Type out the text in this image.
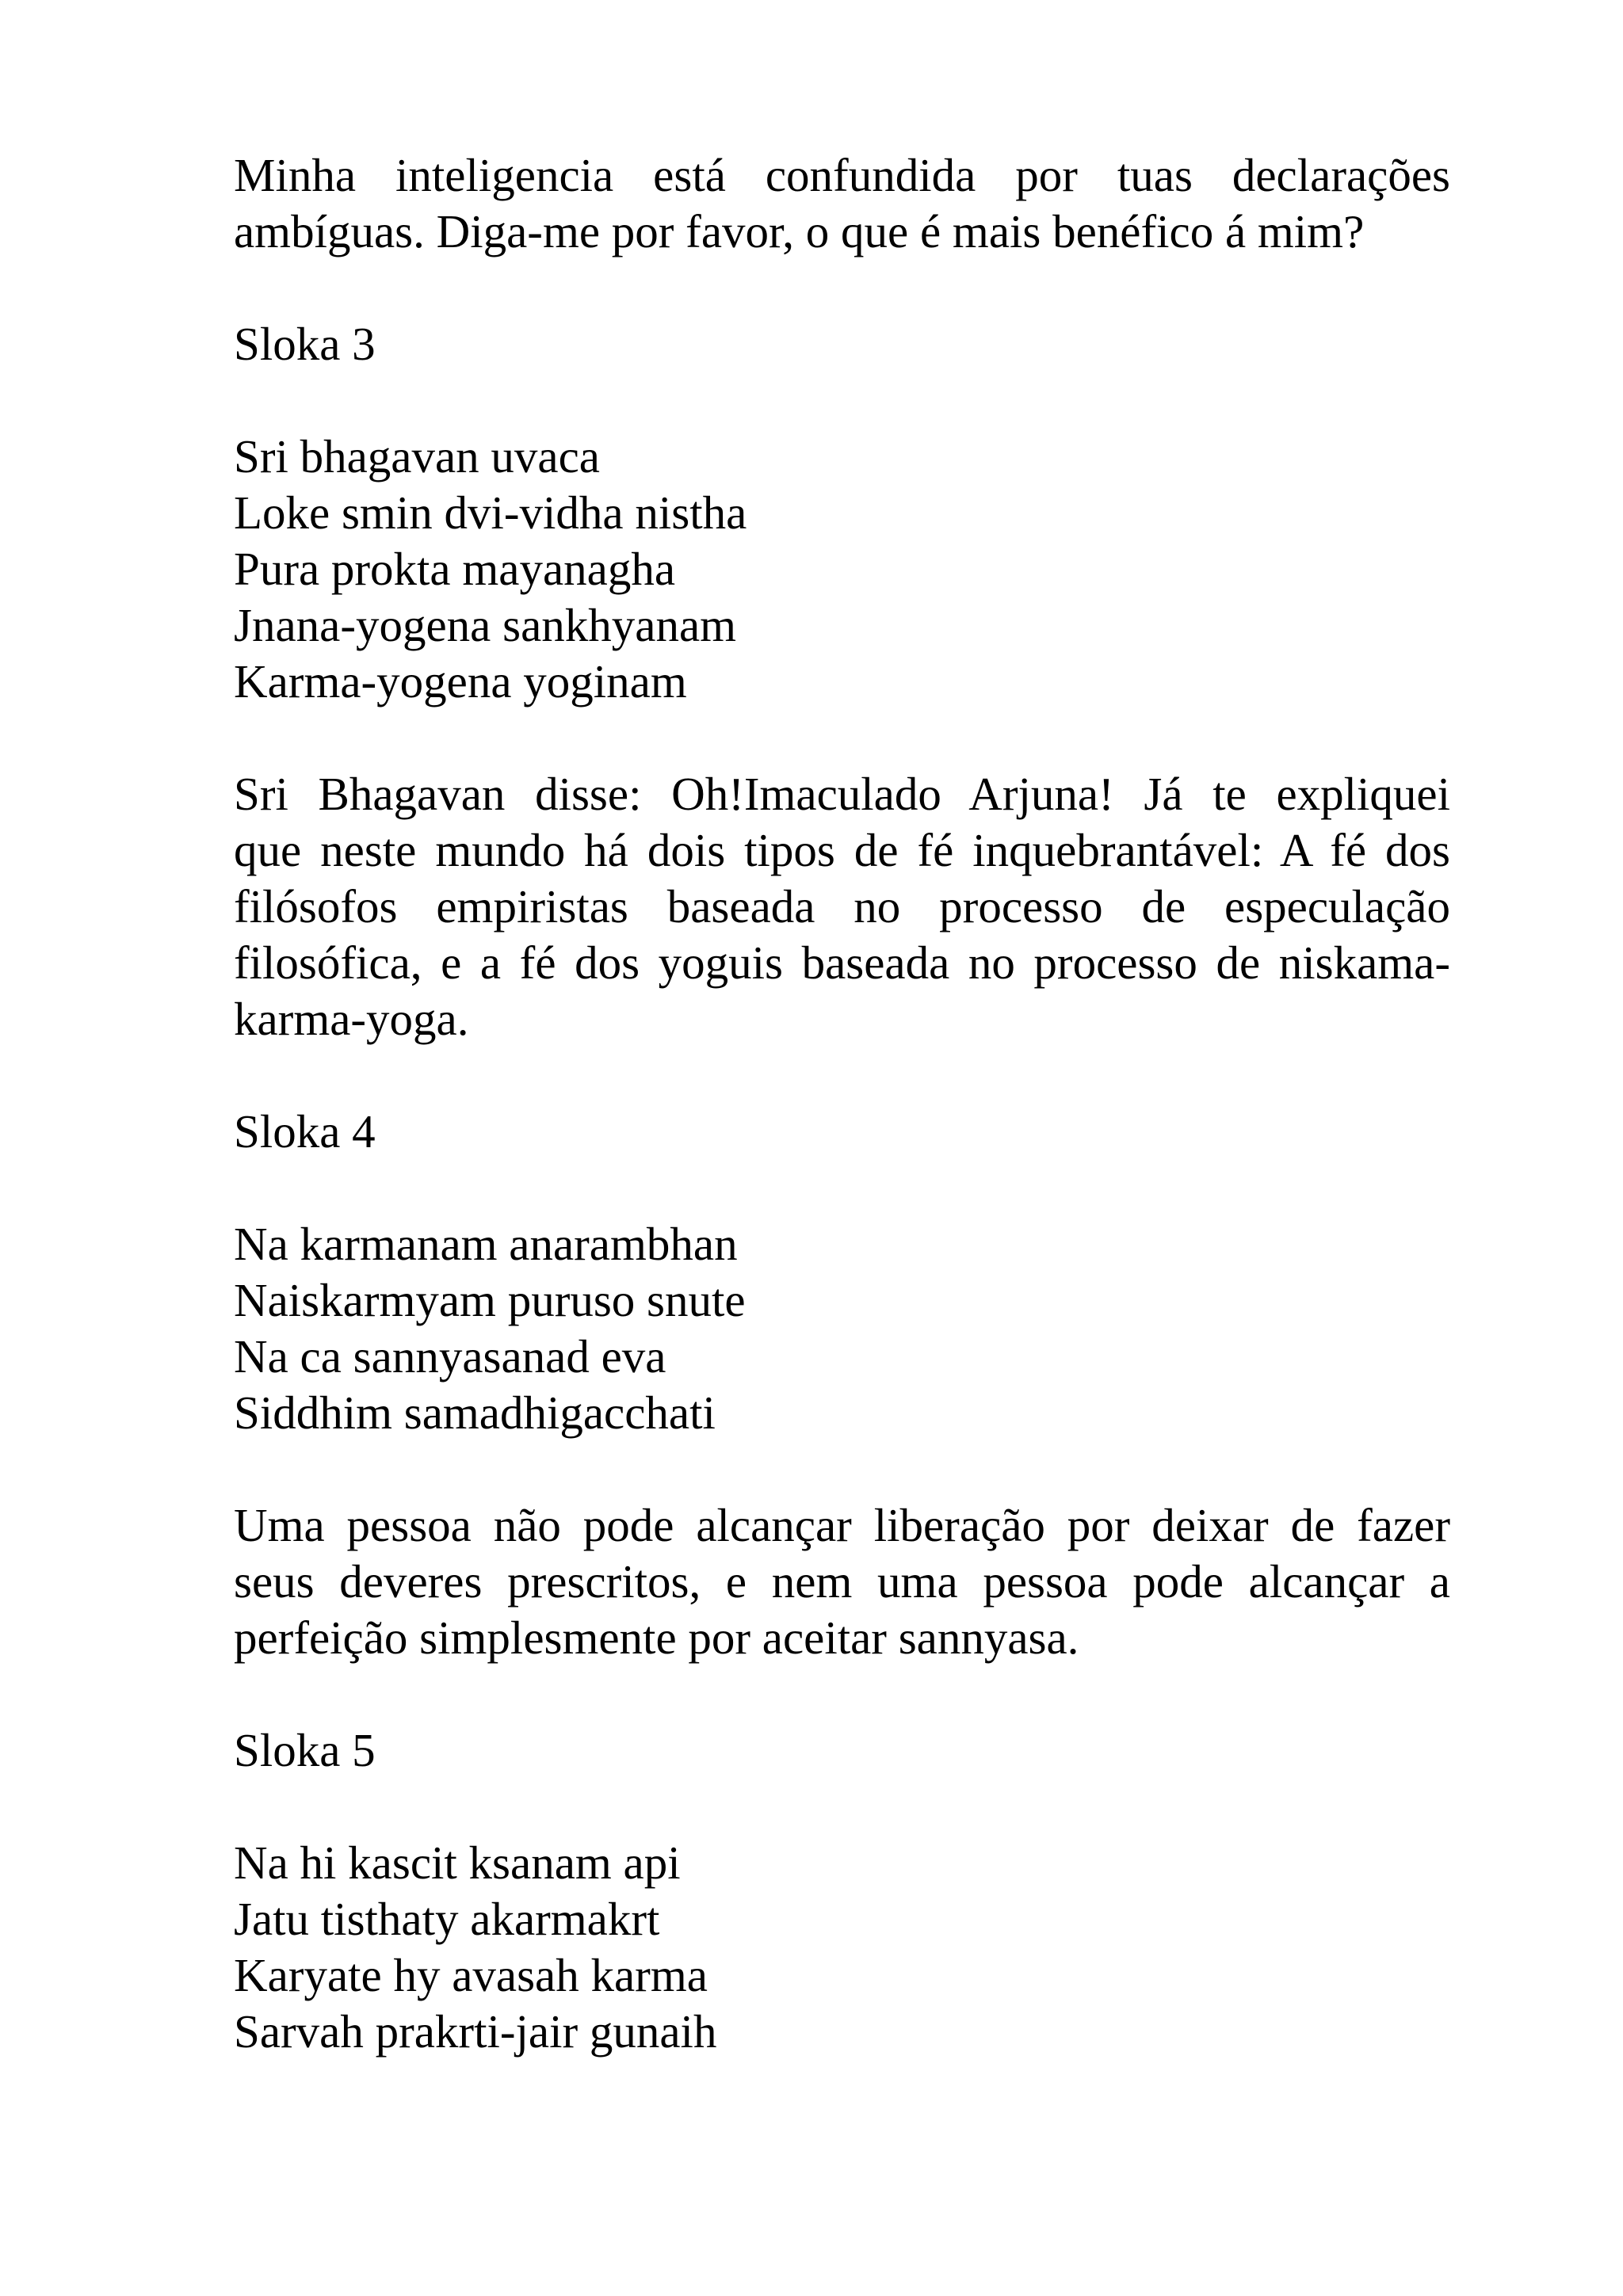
Minha inteligencia está confundida por tuas declarações
ambíguas. Diga-me por favor, o que é mais benéfico á mim?
Sloka 3
Sri bhagavan uvaca
Loke smin dvi-vidha nistha
Pura prokta mayanagha
Jnana-yogena sankhyanam
Karma-yogena yoginam
Sri Bhagavan disse: Oh!Imaculado Arjuna! Já te expliquei
que neste mundo há dois tipos de fé inquebrantável: A fé dos
filósofos empiristas baseada no processo de especulação
filosófica, e a fé dos yoguis baseada no processo de niskama-
karma-yoga.
Sloka 4
Na karmanam anarambhan
Naiskarmyam puruso snute
Na ca sannyasanad eva
Siddhim samadhigacchati
Uma pessoa não pode alcançar liberação por deixar de fazer
seus deveres prescritos, e nem uma pessoa pode alcançar a
perfeição simplesmente por aceitar sannyasa.
Sloka 5
Na hi kascit ksanam api
Jatu tisthaty akarmakrt
Karyate hy avasah karma
Sarvah prakrti-jair gunaih
